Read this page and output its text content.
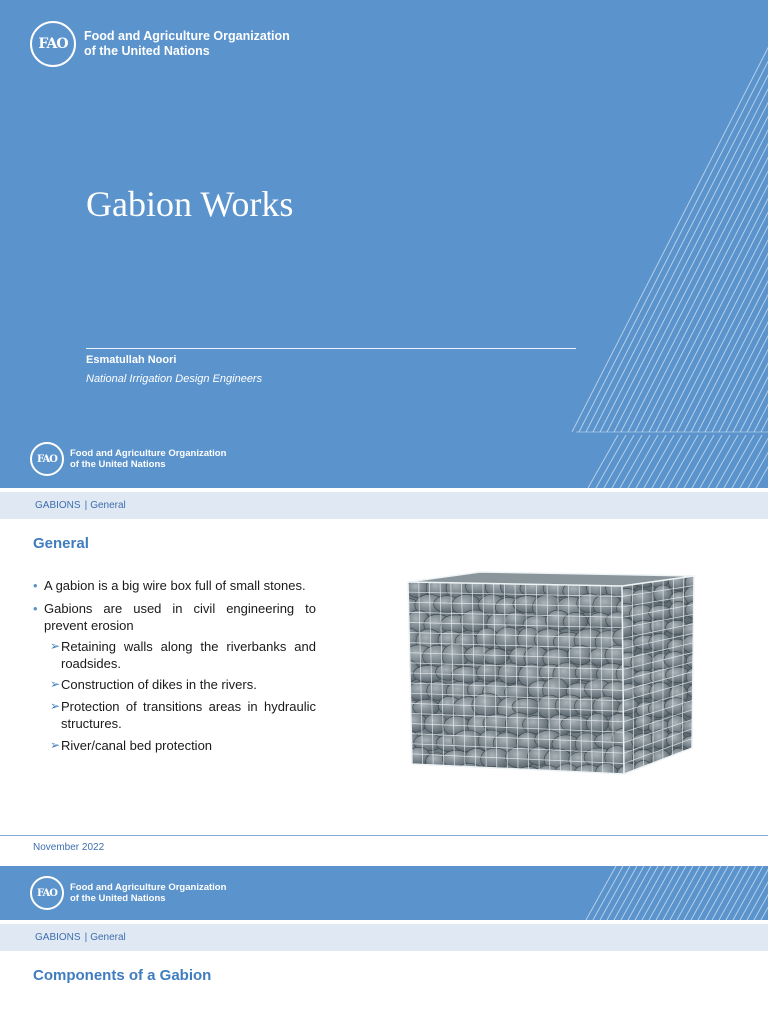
FAO	Food and Agriculture Organization
of the United Nations
Gabion Works
Esmatullah Noori
National Irrigation Design Engineers
FAO
Food and Agriculture Organization
of the United Nations
GABIONS | General
General
• A gabion is a big wire box full of small stones.
• Gabions are used in civil engineering to prevent erosion
➢ Retaining walls along the riverbanks and roadsides.
➢ Construction of dikes in the rivers.
➢ Protection of transitions areas in hydraulic structures.
➢ River/canal bed protection
November 2022
FAO
Food and Agriculture Organization
of the United Nations
GABIONS | General
Components of a Gabion
